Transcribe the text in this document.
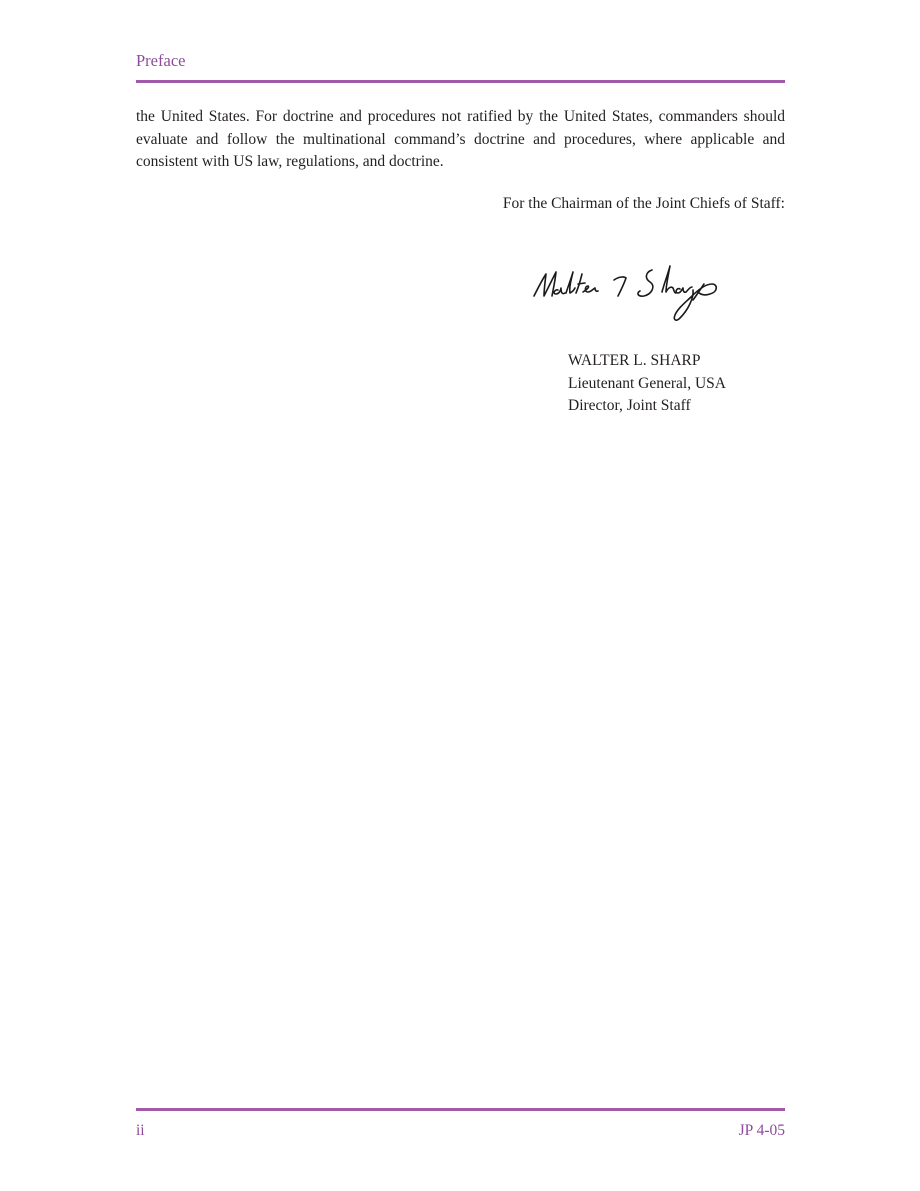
Preface

the United States. For doctrine and procedures not ratified by the United States, commanders should evaluate and follow the multinational command’s doctrine and procedures, where applicable and consistent with US law, regulations, and doctrine.

For the Chairman of the Joint Chiefs of Staff:

WALTER L. SHARP
Lieutenant General, USA
Director, Joint Staff
ii	JP 4-05
